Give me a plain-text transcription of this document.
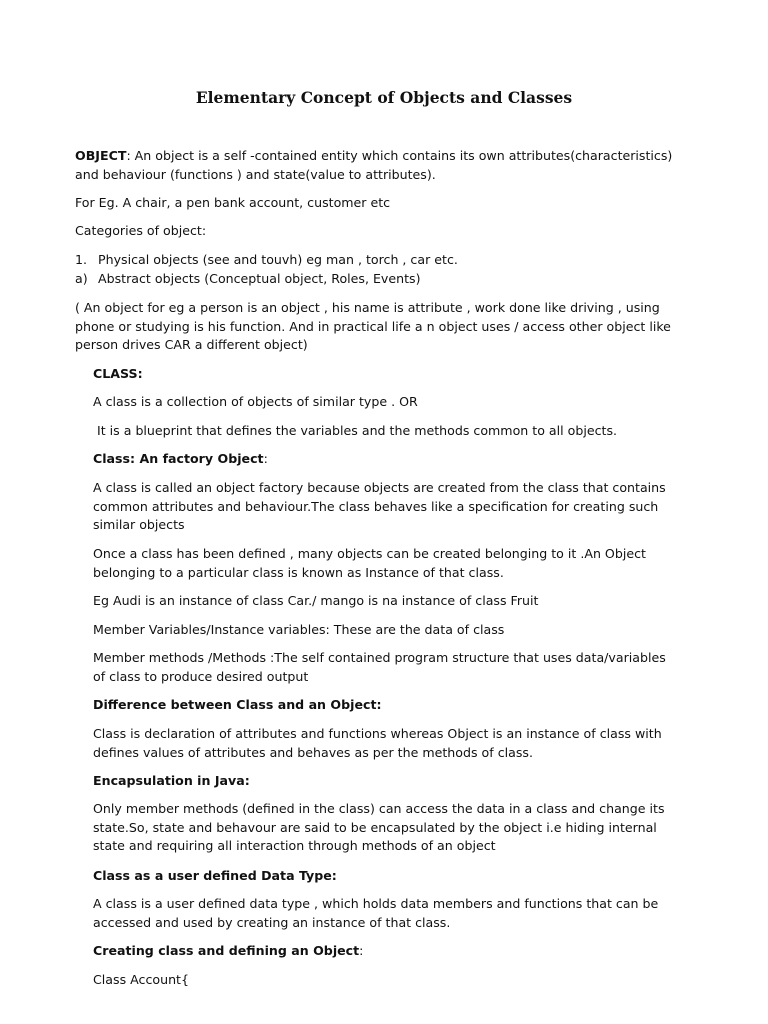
Elementary Concept of Objects and Classes

OBJECT: An object is a self -contained entity which contains its own attributes(characteristics) and behaviour (functions ) and state(value to attributes).

For Eg. A chair, a pen bank account, customer etc

Categories of object:

1. Physical objects (see and touvh) eg man , torch , car etc.

a) Abstract objects (Conceptual object, Roles, Events)

( An object for eg a person is an object , his name is attribute , work done like driving , using phone or studying is his function. And in practical life a n object uses / access other object like person drives CAR a different object)

CLASS:

A class is a collection of objects of similar type . OR

It is a blueprint that defines the variables and the methods common to all objects.

Class: An factory Object:

A class is called an object factory because objects are created from the class that contains common attributes and behaviour.The class behaves like a specification for creating such similar objects

Once a class has been defined , many objects can be created belonging to it .An Object belonging to a particular class is known as Instance of that class.

Eg Audi is an instance of class Car./ mango is na instance of class Fruit

Member Variables/Instance variables: These are the data of class

Member methods /Methods :The self contained program structure that uses data/variables of class to produce desired output

Difference between Class and an Object:

Class is declaration of attributes and functions whereas Object is an instance of class with defines values of attributes and behaves as per the methods of class.

Encapsulation in Java:

Only member methods (defined in the class) can access the data in a class and change its state.So, state and behavour are said to be encapsulated by the object i.e hiding internal state and requiring all interaction through methods of an object

Class as a user defined Data Type:

A class is a user defined data type , which holds data members and functions that can be accessed and used by creating an instance of that class.

Creating class and defining an Object:

Class Account{
